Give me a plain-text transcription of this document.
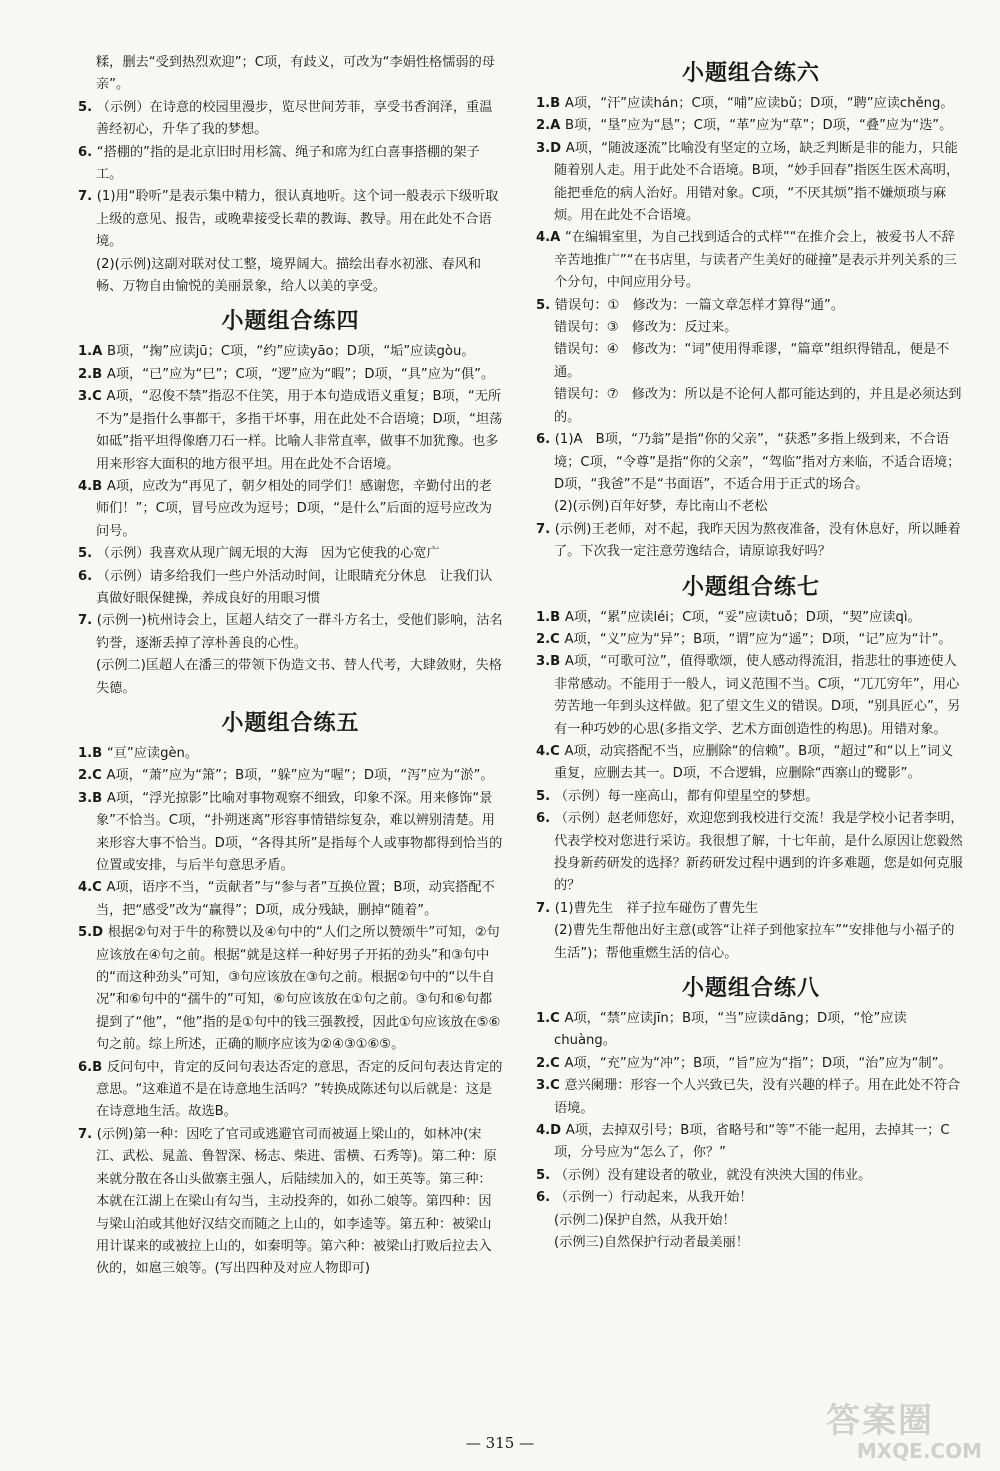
糅，删去“受到热烈欢迎”；C项，有歧义，可改为“李娟性格懦弱的母亲”。

5. （示例）在诗意的校园里漫步，览尽世间芳菲，享受书香润泽，重温善经初心，升华了我的梦想。

6. “搭棚的”指的是北京旧时用杉篙、绳子和席为红白喜事搭棚的架子工。

7. (1)用“聆听”是表示集中精力，很认真地听。这个词一般表示下级听取上级的意见、报告，或晚辈接受长辈的教诲、教导。用在此处不合语境。

(2)(示例)这副对联对仗工整，境界阔大。描绘出春水初涨、春风和畅、万物自由愉悦的美丽景象，给人以美的享受。

小题组合练四

1.A B项，“掬”应读jū；C项，“约”应读yāo；D项，“垢”应读gòu。

2.B A项，“已”应为“巳”；C项，“逻”应为“暇”；D项，“具”应为“俱”。

3.C A项，“忍俊不禁”指忍不住笑，用于本句造成语义重复；B项，“无所不为”是指什么事都干，多指干坏事，用在此处不合语境；D项，“坦荡如砥”指平坦得像磨刀石一样。比喻人非常直率，做事不加犹豫。也多用来形容大面积的地方很平坦。用在此处不合语境。

4.B A项，应改为“再见了，朝夕相处的同学们！感谢您，辛勤付出的老师们！”；C项，冒号应改为逗号；D项，“是什么”后面的逗号应改为问号。

5. （示例）我喜欢从现广阔无垠的大海　因为它使我的心宽广

6. （示例）请多给我们一些户外活动时间，让眼睛充分休息　让我们认真做好眼保健操，养成良好的用眼习惯

7. (示例一)杭州诗会上，匡超人结交了一群斗方名士，受他们影响，沽名钓誉，逐渐丢掉了淳朴善良的心性。

(示例二)匡超人在潘三的带领下伪造文书、替人代考，大肆敛财，失格失德。

小题组合练五

1.B “亘”应读gèn。

2.C A项，“萧”应为“箫”；B项，“躲”应为“喔”；D项，“泻”应为“淤”。

3.B A项，“浮光掠影”比喻对事物观察不细致，印象不深。用来修饰“景象”不恰当。C项，“扑朔迷离”形容事情错综复杂，难以辨别清楚。用来形容大事不恰当。D项，“各得其所”是指每个人或事物都得到恰当的位置或安排，与后半句意思矛盾。

4.C A项，语序不当，“贡献者”与“参与者”互换位置；B项，动宾搭配不当，把“感受”改为“赢得”；D项，成分残缺，删掉“随着”。

5.D 根据②句对于牛的称赞以及④句中的“人们之所以赞颂牛”可知，②句应该放在④句之前。根据“就是这样一种好男子开拓的劲头”和③句中的“而这种劲头”可知，③句应该放在③句之前。根据②句中的“以牛自况”和⑥句中的“孺牛的”可知，⑥句应该放在①句之前。③句和⑥句都提到了“他”，“他”指的是①句中的钱三强教授，因此①句应该放在⑤⑥句之前。综上所述，正确的顺序应该为②④③①⑥⑤。

6.B 反问句中，肯定的反问句表达否定的意思，否定的反问句表达肯定的意思。“这难道不是在诗意地生活吗？”转换成陈述句以后就是：这是在诗意地生活。故选B。

7. (示例)第一种：因吃了官司或逃避官司而被逼上梁山的，如林冲(宋江、武松、晁盖、鲁智深、杨志、柴进、雷横、石秀等)。第二种：原来就分散在各山头做寨主强人，后陆续加入的，如王英等。第三种：本就在江湖上在梁山有勾当，主动投奔的，如孙二娘等。第四种：因与梁山泊或其他好汉结交而随之上山的，如李逵等。第五种：被梁山用计谋来的或被拉上山的，如秦明等。第六种：被梁山打败后拉去入伙的，如扈三娘等。(写出四种及对应人物即可)

小题组合练六

1.B A项，“汗”应读hán；C项，“哺”应读bǔ；D项，“聘”应读chěng。

2.A B项，“垦”应为“恳”；C项，“革”应为“草”；D项，“叠”应为“迭”。

3.D A项，“随波逐流”比喻没有坚定的立场，缺乏判断是非的能力，只能随着别人走。用于此处不合语境。B项，“妙手回春”指医生医术高明，能把垂危的病人治好。用错对象。C项，“不厌其烦”指不嫌烦琐与麻烦。用在此处不合语境。

4.A “在编辑室里，为自己找到适合的式样”“在推介会上，被爱书人不辞辛苦地推广”“在书店里，与读者产生美好的碰撞”是表示并列关系的三个分句，中间应用分号。

5. 错误句：①　修改为：一篇文章怎样才算得“通”。

错误句：③　修改为：反过来。

错误句：④　修改为：“词”使用得乖谬，“篇章”组织得错乱，便是不通。

错误句：⑦　修改为：所以是不论何人都可能达到的，并且是必须达到的。

6. (1)A　B项，“乃翁”是指“你的父亲”，“获悉”多指上级到来，不合语境；C项，“令尊”是指“你的父亲”，“驾临”指对方来临，不适合语境；D项，“我爸”不是“书面语”，不适合用于正式的场合。

(2)(示例)百年好梦，寿比南山不老松

7. (示例)王老师，对不起，我昨天因为熬夜准备，没有休息好，所以睡着了。下次我一定注意劳逸结合，请原谅我好吗？

小题组合练七

1.B A项，“累”应读léi；C项，“妥”应读tuǒ；D项，“契”应读qì。

2.C A项，“义”应为“异”；B项，“谓”应为“遥”；D项，“记”应为“计”。

3.B A项，“可歌可泣”，值得歌颂，使人感动得流泪，指悲壮的事迹使人非常感动。不能用于一般人，词义范围不当。C项，“兀兀穷年”，用心劳苦地一年到头这样做。犯了望文生义的错误。D项，“别具匠心”，另有一种巧妙的心思(多指文学、艺术方面创造性的构思)。用错对象。

4.C A项，动宾搭配不当，应删除“的信赖”。B项，“超过”和“以上”词义重复，应删去其一。D项，不合逻辑，应删除“西寨山的鹭影”。

5. （示例）每一座高山，都有仰望星空的梦想。

6. （示例）赵老师您好，欢迎您到我校进行交流！我是学校小记者李明，代表学校对您进行采访。我很想了解，十七年前，是什么原因让您毅然投身新药研发的选择？新药研发过程中遇到的许多难题，您是如何克服的？

7. (1)曹先生　祥子拉车碰伤了曹先生

(2)曹先生帮他出好主意(或答“让祥子到他家拉车”“安排他与小福子的生活”)；帮他重燃生活的信心。

小题组合练八

1.C A项，“禁”应读jīn；B项，“当”应读dāng；D项，“怆”应读chuàng。

2.C A项，“充”应为“冲”；B项，“旨”应为“指”；D项，“治”应为“制”。

3.C 意兴阑珊：形容一个人兴致已失，没有兴趣的样子。用在此处不符合语境。

4.D A项，去掉双引号；B项，省略号和“等”不能一起用，去掉其一；C项，分号应为“怎么了，你？”

5. （示例）没有建设者的敬业，就没有泱泱大国的伟业。

6. （示例一）行动起来，从我开始！

(示例二)保护自然，从我开始！

(示例三)自然保护行动者最美丽！

— 315 —
答案圈
MXQE.COM
